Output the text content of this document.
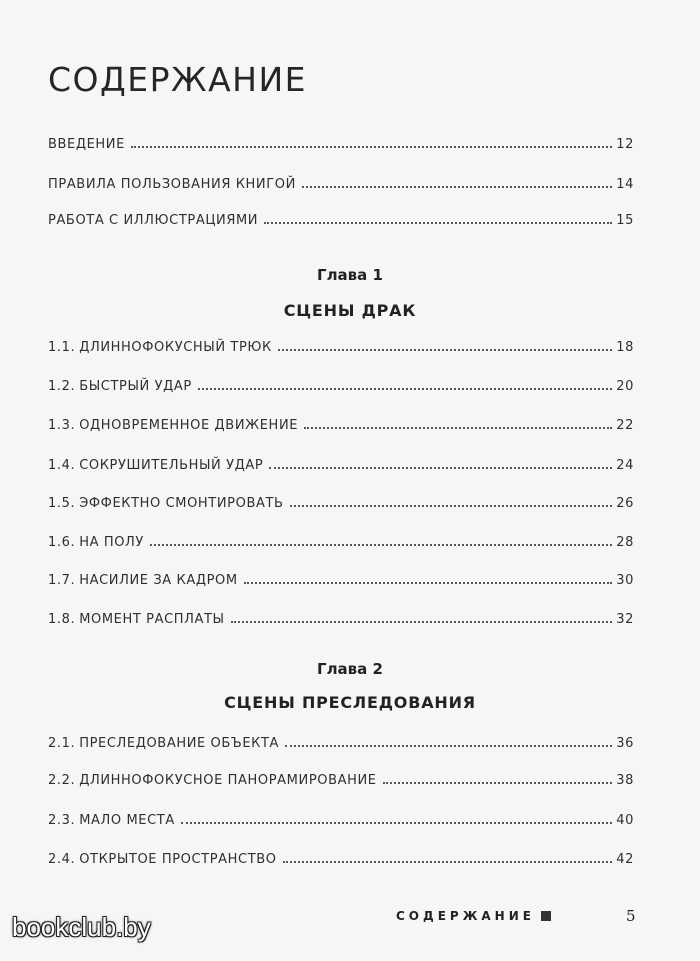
СОДЕРЖАНИЕ
ВВЕДЕНИЕ	12
ПРАВИЛА ПОЛЬЗОВАНИЯ КНИГОЙ	14
РАБОТА С ИЛЛЮСТРАЦИЯМИ	15
Глава 1
СЦЕНЫ ДРАК
1.1. ДЛИННОФОКУСНЫЙ ТРЮК	18
1.2. БЫСТРЫЙ УДАР	20
1.3. ОДНОВРЕМЕННОЕ ДВИЖЕНИЕ	22
1.4. СОКРУШИТЕЛЬНЫЙ УДАР	24
1.5. ЭФФЕКТНО СМОНТИРОВАТЬ	26
1.6. НА ПОЛУ	28
1.7. НАСИЛИЕ ЗА КАДРОМ	30
1.8. МОМЕНТ РАСПЛАТЫ	32
Глава 2
СЦЕНЫ ПРЕСЛЕДОВАНИЯ
2.1. ПРЕСЛЕДОВАНИЕ ОБЪЕКТА	36
2.2. ДЛИННОФОКУСНОЕ ПАНОРАМИРОВАНИЕ	38
2.3. МАЛО МЕСТА	40
2.4. ОТКРЫТОЕ ПРОСТРАНСТВО	42
СОДЕРЖАНИЕ	5
bookclub.by
